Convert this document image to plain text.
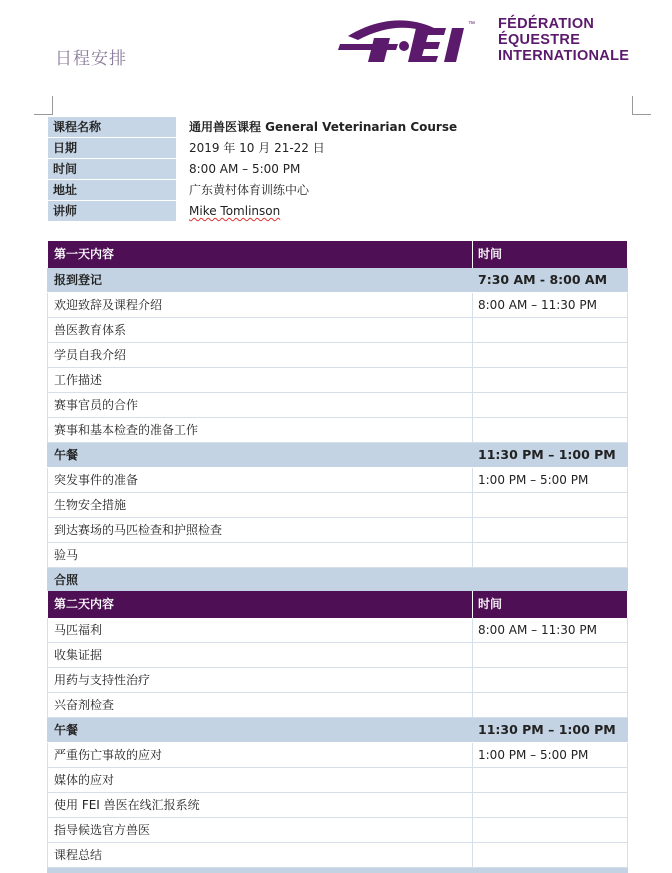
日程安排
™ FÉDÉRATION
ÉQUESTRE
INTERNATIONALE
课程名称	通用兽医课程 General Veterinarian Course
日期	2019 年 10 月 21-22 日
时间	8:00 AM – 5:00 PM
地址	广东黄村体育训练中心
讲师	Mike Tomlinson
第一天内容	时间
报到登记	7:30 AM - 8:00 AM
欢迎致辞及课程介绍	8:00 AM – 11:30 PM
兽医教育体系
学员自我介绍
工作描述
赛事官员的合作
赛事和基本检查的准备工作
午餐	11:30 PM – 1:00 PM
突发事件的准备	1:00 PM – 5:00 PM
生物安全措施
到达赛场的马匹检查和护照检查
验马
合照
第二天内容	时间
马匹福利	8:00 AM – 11:30 PM
收集证据
用药与支持性治疗
兴奋剂检查
午餐	11:30 PM – 1:00 PM
严重伤亡事故的应对	1:00 PM – 5:00 PM
媒体的应对
使用 FEI 兽医在线汇报系统
指导候选官方兽医
课程总结
